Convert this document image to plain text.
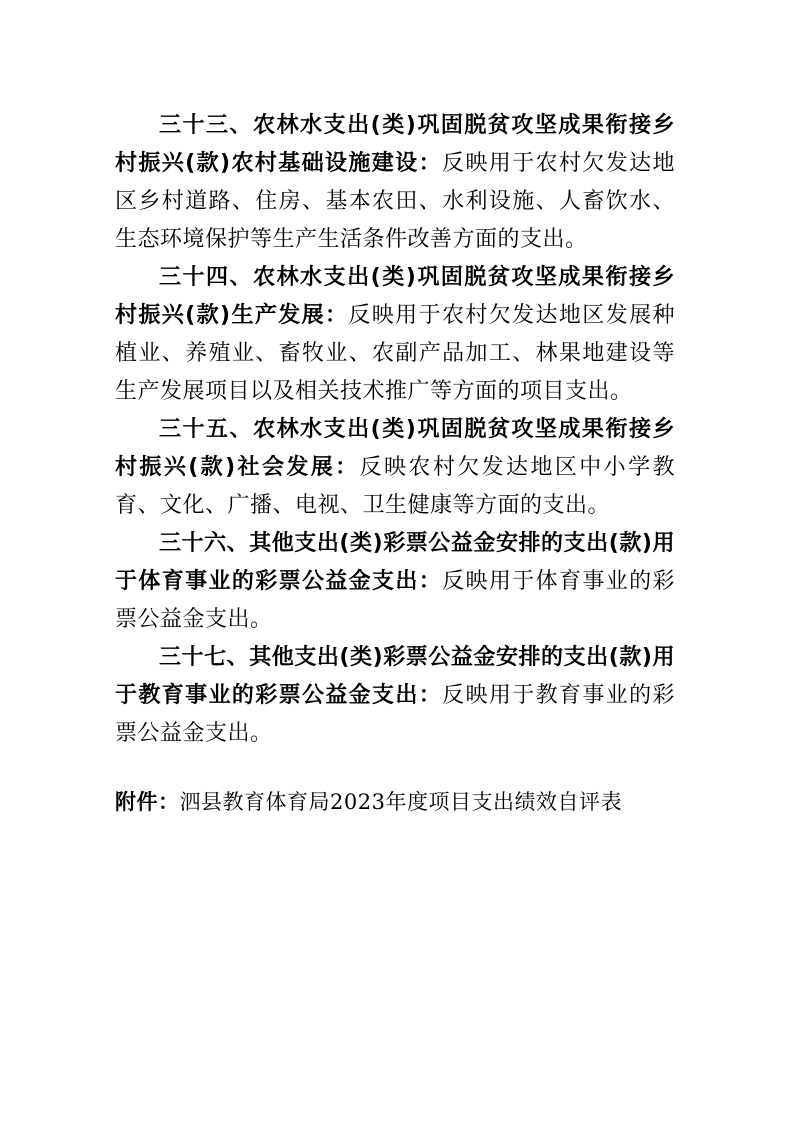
三十三、农林水支出(类)巩固脱贫攻坚成果衔接乡村振兴(款)农村基础设施建设：反映用于农村欠发达地区乡村道路、住房、基本农田、水利设施、人畜饮水、生态环境保护等生产生活条件改善方面的支出。

三十四、农林水支出(类)巩固脱贫攻坚成果衔接乡村振兴(款)生产发展：反映用于农村欠发达地区发展种植业、养殖业、畜牧业、农副产品加工、林果地建设等生产发展项目以及相关技术推广等方面的项目支出。

三十五、农林水支出(类)巩固脱贫攻坚成果衔接乡村振兴(款)社会发展：反映农村欠发达地区中小学教育、文化、广播、电视、卫生健康等方面的支出。

三十六、其他支出(类)彩票公益金安排的支出(款)用于体育事业的彩票公益金支出：反映用于体育事业的彩票公益金支出。

三十七、其他支出(类)彩票公益金安排的支出(款)用于教育事业的彩票公益金支出：反映用于教育事业的彩票公益金支出。

附件：泗县教育体育局2023年度项目支出绩效自评表
